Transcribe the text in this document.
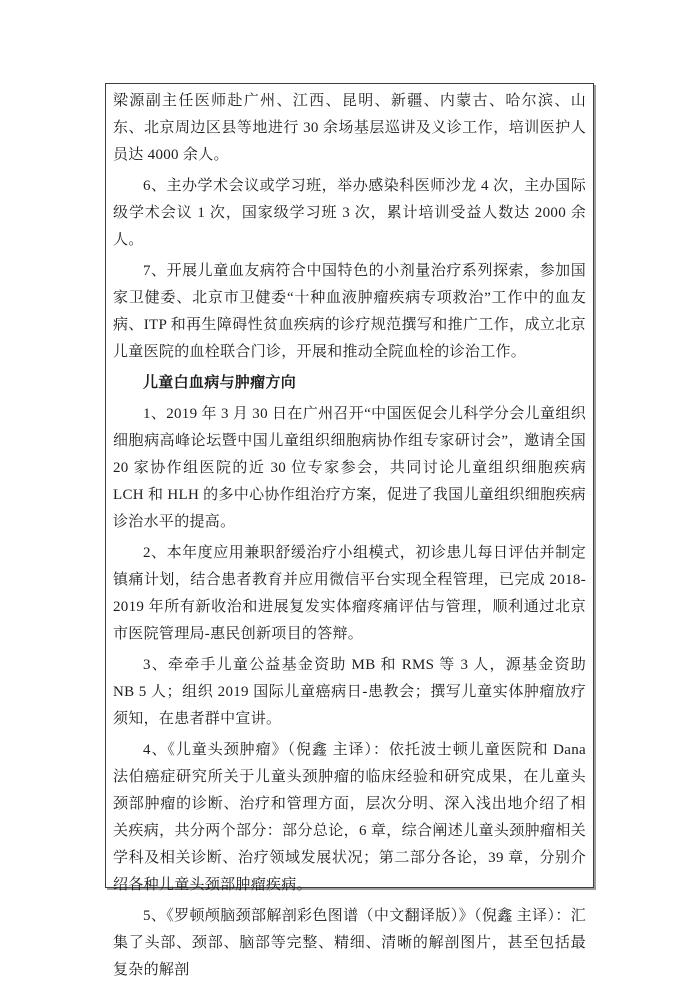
梁源副主任医师赴广州、江西、昆明、新疆、内蒙古、哈尔滨、山东、北京周边区县等地进行 30 余场基层巡讲及义诊工作，培训医护人员达 4000 余人。

6、主办学术会议或学习班，举办感染科医师沙龙 4 次，主办国际级学术会议 1 次，国家级学习班 3 次，累计培训受益人数达 2000 余人。

7、开展儿童血友病符合中国特色的小剂量治疗系列探索，参加国家卫健委、北京市卫健委“十种血液肿瘤疾病专项救治”工作中的血友病、ITP 和再生障碍性贫血疾病的诊疗规范撰写和推广工作，成立北京儿童医院的血栓联合门诊，开展和推动全院血栓的诊治工作。

儿童白血病与肿瘤方向

1、2019 年 3 月 30 日在广州召开“中国医促会儿科学分会儿童组织细胞病高峰论坛暨中国儿童组织细胞病协作组专家研讨会”，邀请全国 20 家协作组医院的近 30 位专家参会，共同讨论儿童组织细胞疾病 LCH 和 HLH 的多中心协作组治疗方案，促进了我国儿童组织细胞疾病诊治水平的提高。

2、本年度应用兼职舒缓治疗小组模式，初诊患儿每日评估并制定镇痛计划，结合患者教育并应用微信平台实现全程管理，已完成 2018-2019 年所有新收治和进展复发实体瘤疼痛评估与管理，顺利通过北京市医院管理局-惠民创新项目的答辩。

3、牵牵手儿童公益基金资助 MB 和 RMS 等 3 人，源基金资助 NB 5 人；组织 2019 国际儿童癌病日-患教会；撰写儿童实体肿瘤放疗须知，在患者群中宣讲。

4、《儿童头颈肿瘤》（倪鑫 主译）：依托波士顿儿童医院和 Dana 法伯癌症研究所关于儿童头颈肿瘤的临床经验和研究成果，在儿童头颈部肿瘤的诊断、治疗和管理方面，层次分明、深入浅出地介绍了相关疾病，共分两个部分：部分总论，6 章，综合阐述儿童头颈肿瘤相关学科及相关诊断、治疗领域发展状况；第二部分各论，39 章，分别介绍各种儿童头颈部肿瘤疾病。

5、《罗顿颅脑颈部解剖彩色图谱（中文翻译版）》（倪鑫 主译）：汇集了头部、颈部、脑部等完整、精细、清晰的解剖图片，甚至包括最复杂的解剖
